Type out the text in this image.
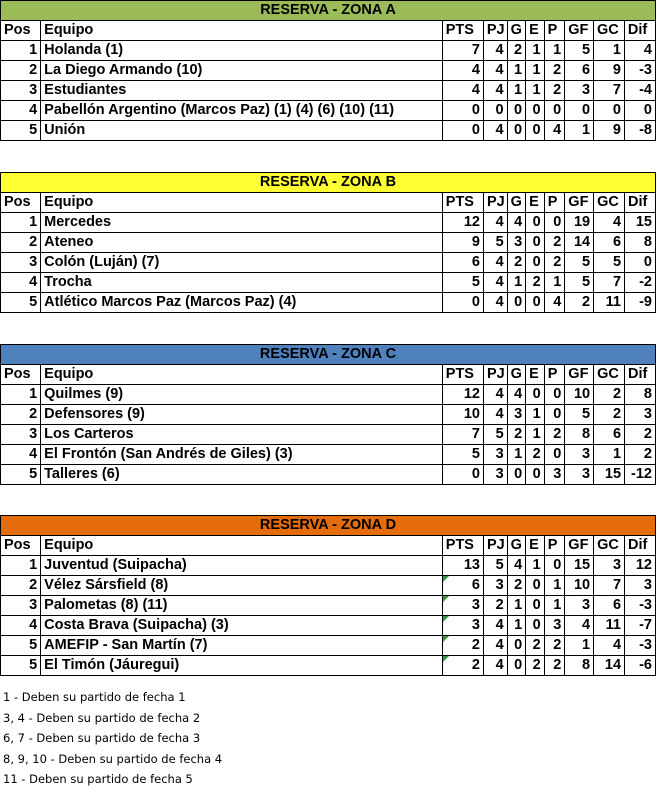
RESERVA - ZONA A									
Pos	Equipo	PTS	PJ	G	E	P	GF	GC	Dif
1	Holanda (1)	7	4	2	1	1	5	1	4
2	La Diego Armando (10)	4	4	1	1	2	6	9	-3
3	Estudiantes	4	4	1	1	2	3	7	-4
4	Pabellón Argentino (Marcos Paz) (1) (4) (6) (10) (11)	0	0	0	0	0	0	0	0
5	Unión	0	4	0	0	4	1	9	-8
RESERVA - ZONA B									
Pos	Equipo	PTS	PJ	G	E	P	GF	GC	Dif
1	Mercedes	12	4	4	0	0	19	4	15
2	Ateneo	9	5	3	0	2	14	6	8
3	Colón (Luján) (7)	6	4	2	0	2	5	5	0
4	Trocha	5	4	1	2	1	5	7	-2
5	Atlético Marcos Paz (Marcos Paz) (4)	0	4	0	0	4	2	11	-9
RESERVA - ZONA C									
Pos	Equipo	PTS	PJ	G	E	P	GF	GC	Dif
1	Quilmes (9)	12	4	4	0	0	10	2	8
2	Defensores (9)	10	4	3	1	0	5	2	3
3	Los Carteros	7	5	2	1	2	8	6	2
4	El Frontón (San Andrés de Giles) (3)	5	3	1	2	0	3	1	2
5	Talleres (6)	0	3	0	0	3	3	15	-12
RESERVA - ZONA D									
Pos	Equipo	PTS	PJ	G	E	P	GF	GC	Dif
1	Juventud (Suipacha)	13	5	4	1	0	15	3	12
2	Vélez Sársfield (8)	6	3	2	0	1	10	7	3
3	Palometas (8) (11)	3	2	1	0	1	3	6	-3
4	Costa Brava (Suipacha) (3)	3	4	1	0	3	4	11	-7
5	AMEFIP - San Martín (7)	2	4	0	2	2	1	4	-3
5	El Timón (Jáuregui)	2	4	0	2	2	8	14	-6
1 - Deben su partido de fecha 1
3, 4 - Deben su partido de fecha 2
6, 7 - Deben su partido de fecha 3
8, 9, 10 - Deben su partido de fecha 4
11 - Deben su partido de fecha 5
